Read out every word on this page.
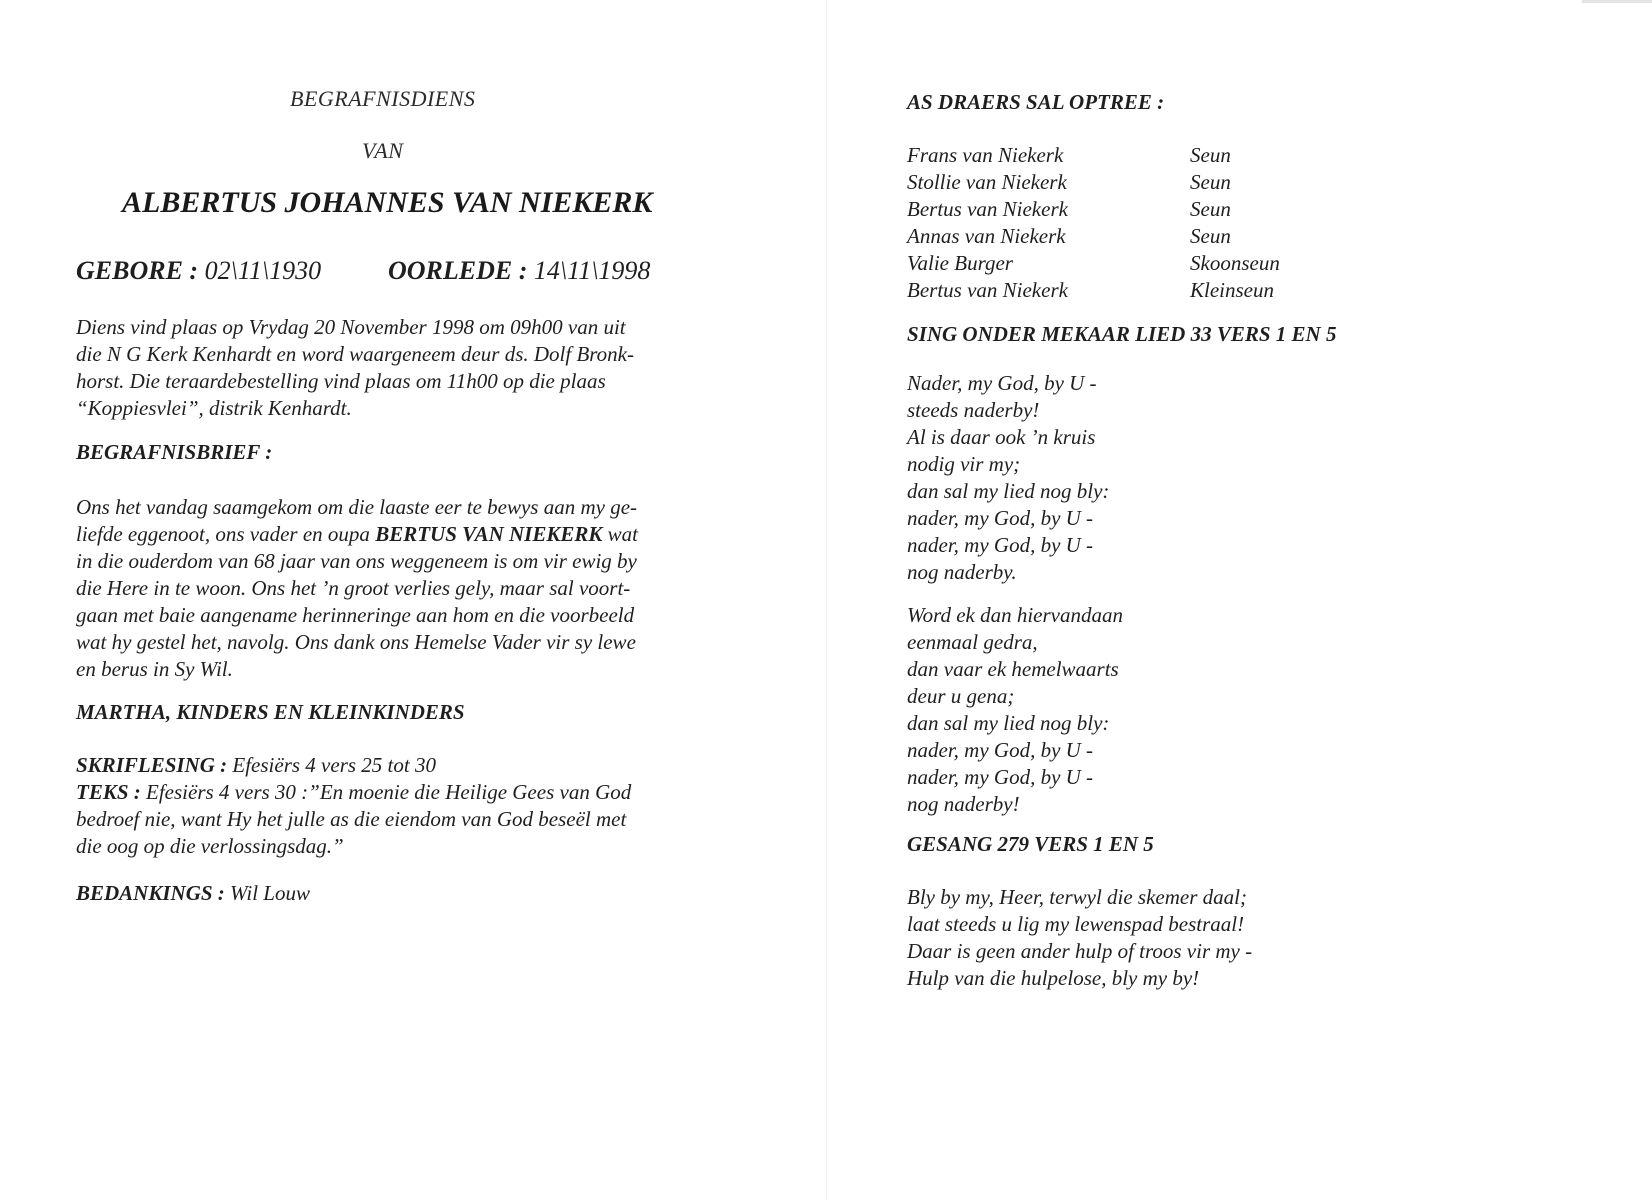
BEGRAFNISDIENS
VAN
ALBERTUS JOHANNES VAN NIEKERK
GEBORE : 02\11\1930	OORLEDE : 14\11\1998
Diens vind plaas op Vrydag 20 November 1998 om 09h00 van uit
die N G Kerk Kenhardt en word waargeneem deur ds. Dolf Bronk-
horst. Die teraardebestelling vind plaas om 11h00 op die plaas
“Koppiesvlei”, distrik Kenhardt.
BEGRAFNISBRIEF :
Ons het vandag saamgekom om die laaste eer te bewys aan my ge-
liefde eggenoot, ons vader en oupa BERTUS VAN NIEKERK wat
in die ouderdom van 68 jaar van ons weggeneem is om vir ewig by
die Here in te woon. Ons het ’n groot verlies gely, maar sal voort-
gaan met baie aangename herinneringe aan hom en die voorbeeld
wat hy gestel het, navolg. Ons dank ons Hemelse Vader vir sy lewe
en berus in Sy Wil.
MARTHA, KINDERS EN KLEINKINDERS
SKRIFLESING : Efesiërs 4 vers 25 tot 30
TEKS : Efesiërs 4 vers 30 :”En moenie die Heilige Gees van God
bedroef nie, want Hy het julle as die eiendom van God beseël met
die oog op die verlossingsdag.”
BEDANKINGS : Wil Louw
AS DRAERS SAL OPTREE :
Frans van Niekerk	Seun
Stollie van Niekerk	Seun
Bertus van Niekerk	Seun
Annas van Niekerk	Seun
Valie Burger	Skoonseun
Bertus van Niekerk	Kleinseun
SING ONDER MEKAAR LIED 33 VERS 1 EN 5
Nader, my God, by U -
steeds naderby!
Al is daar ook ’n kruis
nodig vir my;
dan sal my lied nog bly:
nader, my God, by U -
nader, my God, by U -
nog naderby.
Word ek dan hiervandaan
eenmaal gedra,
dan vaar ek hemelwaarts
deur u gena;
dan sal my lied nog bly:
nader, my God, by U -
nader, my God, by U -
nog naderby!
GESANG 279 VERS 1 EN 5
Bly by my, Heer, terwyl die skemer daal;
laat steeds u lig my lewenspad bestraal!
Daar is geen ander hulp of troos vir my -
Hulp van die hulpelose, bly my by!
